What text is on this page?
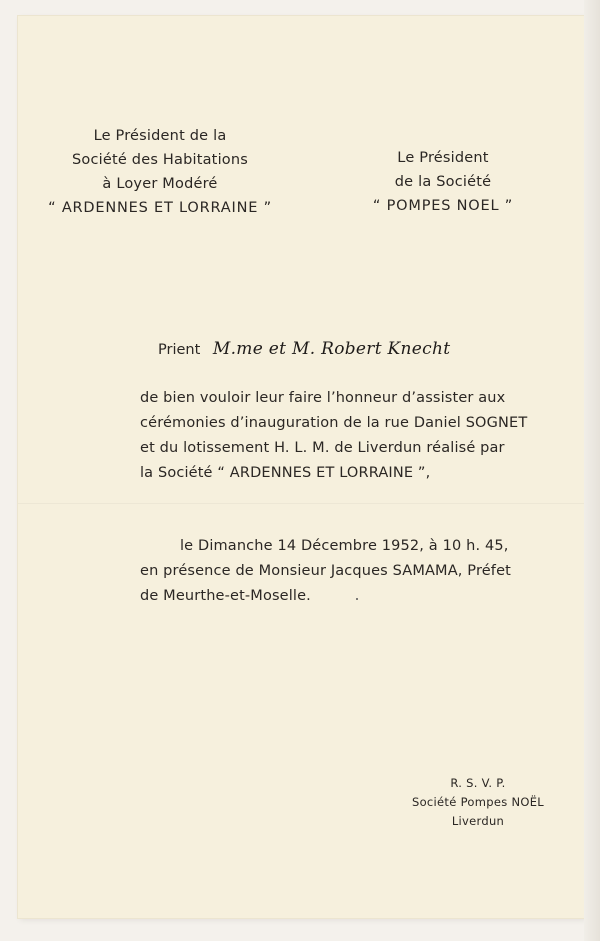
Le Président de la
Société des Habitations
à Loyer Modéré
“ ARDENNES ET LORRAINE ”
Le Président
de la Société
“ POMPES NOEL ”
Prient M.me et M. Robert Knecht
de bien vouloir leur faire l’honneur d’assister aux
cérémonies d’inauguration de la rue Daniel SOGNET
et du lotissement H. L. M. de Liverdun réalisé par
la Société “ ARDENNES ET LORRAINE ”,
le Dimanche 14 Décembre 1952, à 10 h. 45,
en présence de Monsieur Jacques SAMAMA, Préfet
de Meurthe-et-Moselle.
R. S. V. P.
Société Pompes NOËL
Liverdun
